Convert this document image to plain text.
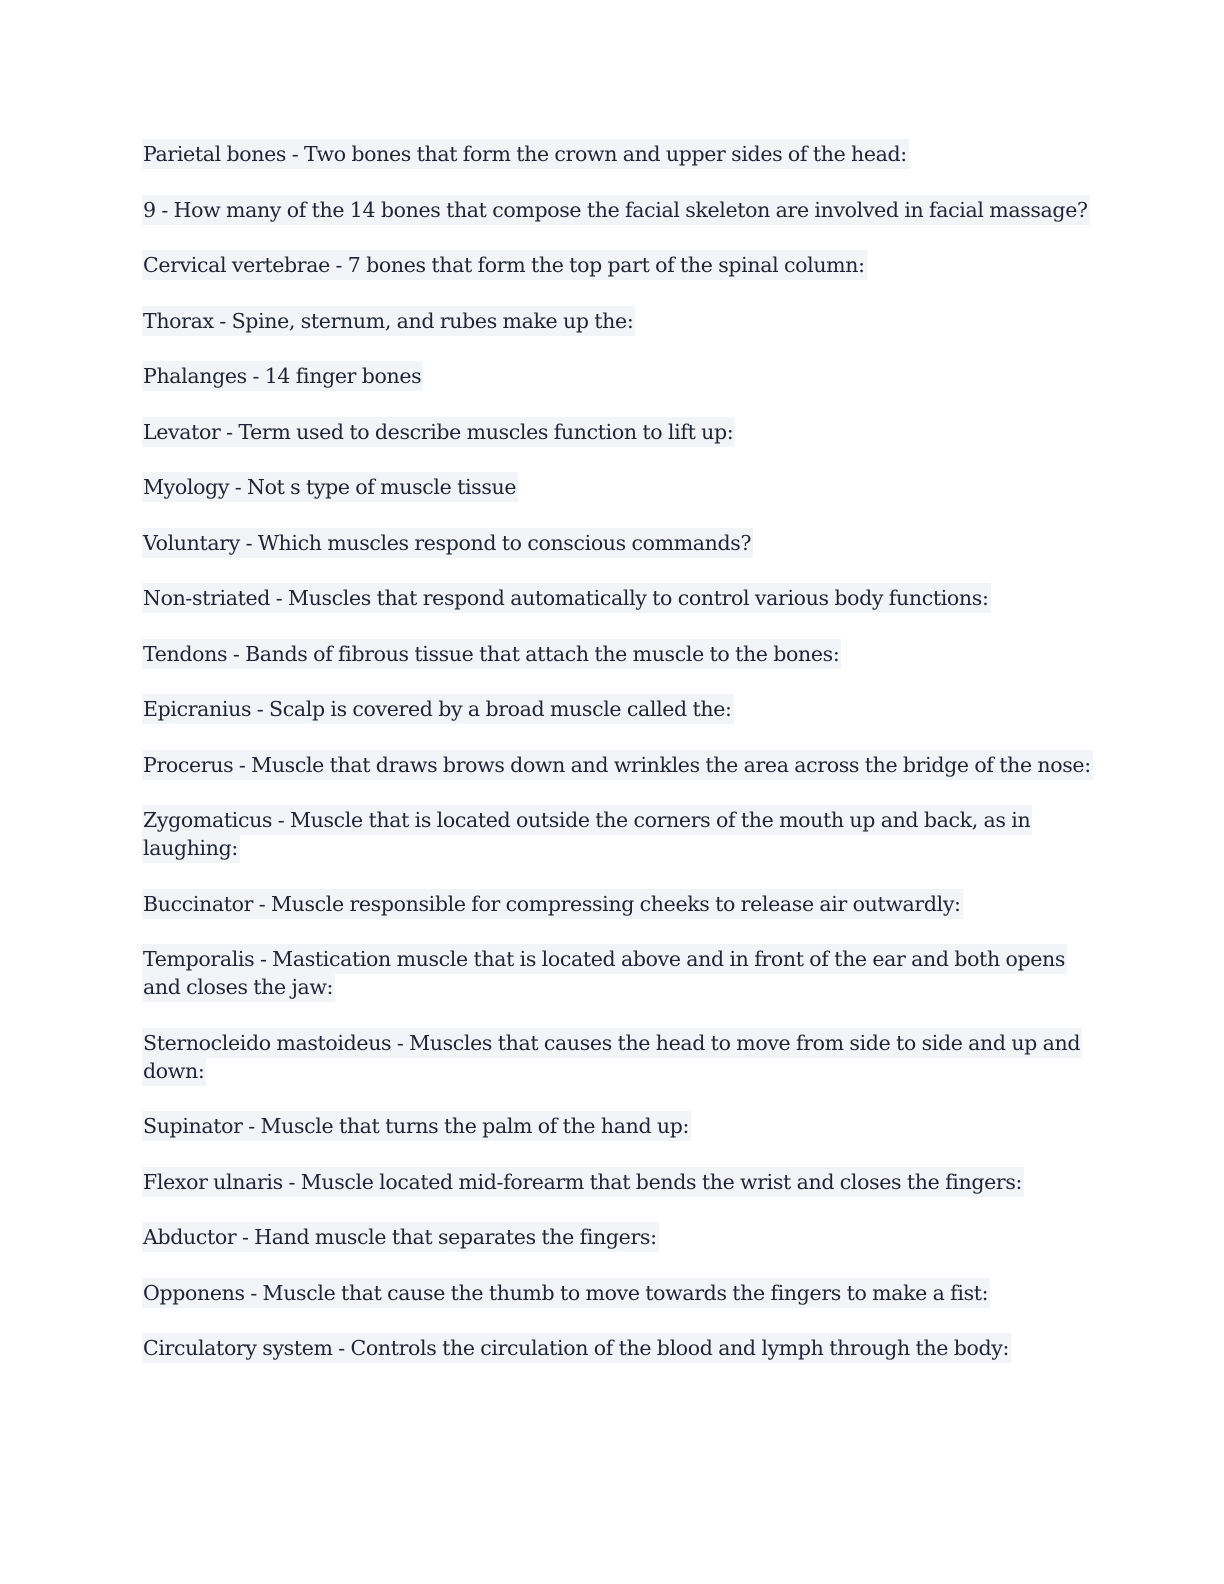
Parietal bones - Two bones that form the crown and upper sides of the head:

9 - How many of the 14 bones that compose the facial skeleton are involved in facial massage?

Cervical vertebrae - 7 bones that form the top part of the spinal column:

Thorax - Spine, sternum, and rubes make up the:

Phalanges - 14 finger bones

Levator - Term used to describe muscles function to lift up:

Myology - Not s type of muscle tissue

Voluntary - Which muscles respond to conscious commands?

Non-striated - Muscles that respond automatically to control various body functions:

Tendons - Bands of fibrous tissue that attach the muscle to the bones:

Epicranius - Scalp is covered by a broad muscle called the:

Procerus - Muscle that draws brows down and wrinkles the area across the bridge of the nose:

Zygomaticus - Muscle that is located outside the corners of the mouth up and back, as in laughing:

Buccinator - Muscle responsible for compressing cheeks to release air outwardly:

Temporalis - Mastication muscle that is located above and in front of the ear and both opens and closes the jaw:

Sternocleido mastoideus - Muscles that causes the head to move from side to side and up and down:

Supinator - Muscle that turns the palm of the hand up:

Flexor ulnaris - Muscle located mid-forearm that bends the wrist and closes the fingers:

Abductor - Hand muscle that separates the fingers:

Opponens - Muscle that cause the thumb to move towards the fingers to make a fist:

Circulatory system - Controls the circulation of the blood and lymph through the body:
